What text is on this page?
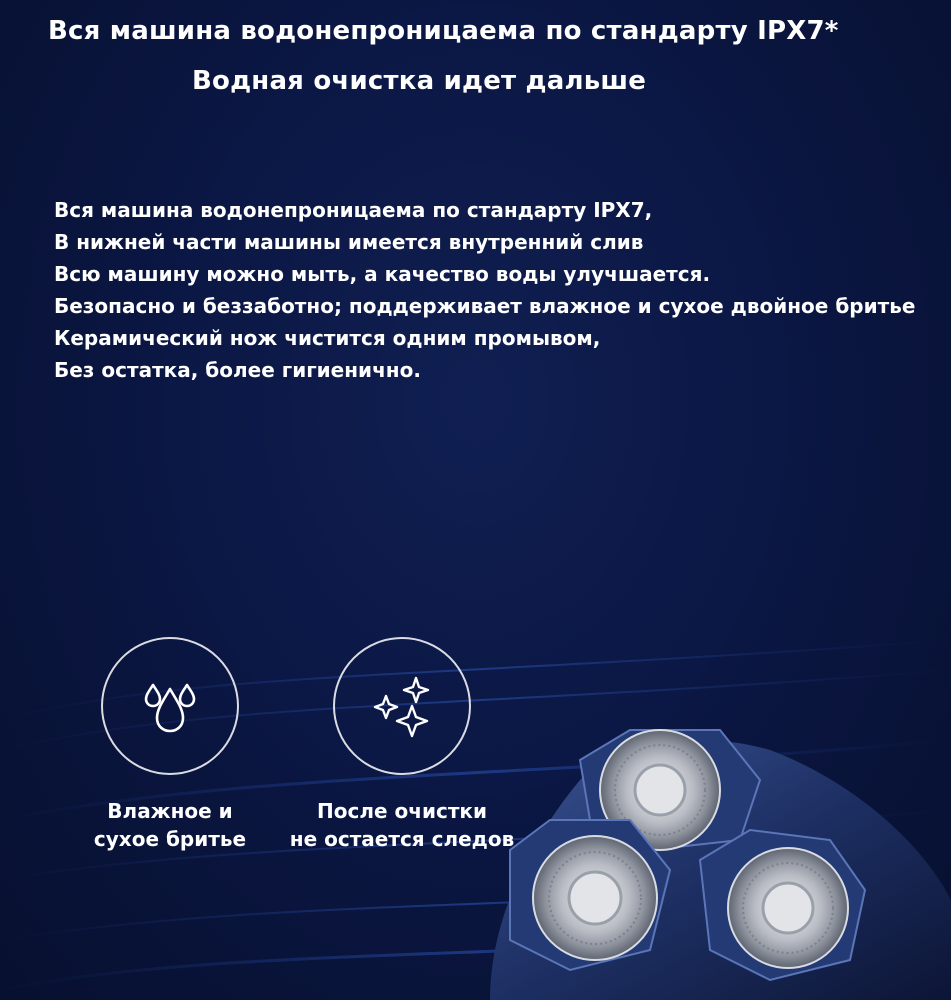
Вся машина водонепроницаема по стандарту IPX7*
Водная очистка идет дальше
Вся машина водонепроницаема по стандарту IPX7,
В нижней части машины имеется внутренний слив
Всю машину можно мыть, а качество воды улучшается.
Безопасно и беззаботно; поддерживает влажное и сухое двойное бритье
Керамический нож чистится одним промывом,
Без остатка, более гигиенично.
Влажное и
сухое бритье
После очистки
не остается следов
